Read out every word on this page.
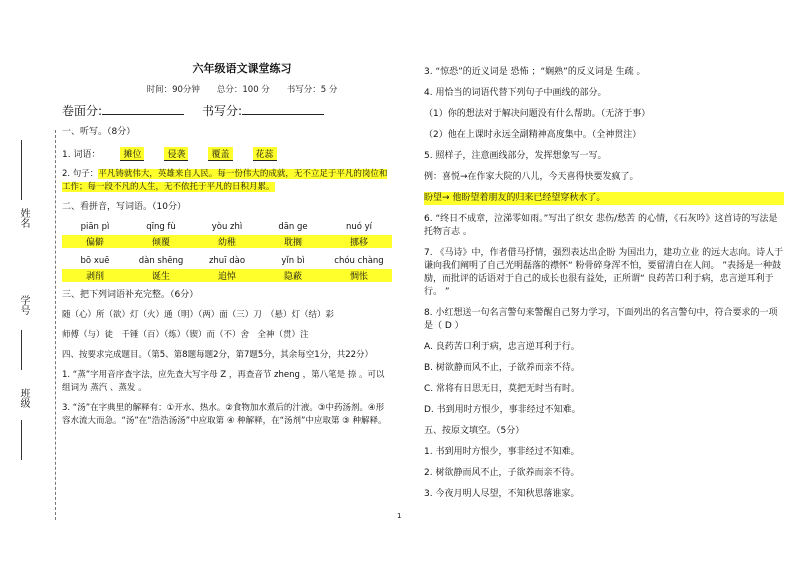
姓名
学号
班级
六年级语文课堂练习
时间：90分钟　　总分：100 分　　书写分：5 分
卷面分:	书写分:
一、听写。（8分）
1. 词语：	摊位	侵袭	覆盖	花蕊
2. 句子：平凡铸就伟大，英雄来自人民。每一份伟大的成就，无不立足于平凡的岗位和工作；每一段不凡的人生，无不依托于平凡的日积月累。
二、看拼音，写词语。（10分）
piān pì	qīng fù	yòu zhì	dān ge	nuó yí
偏僻	倾覆	幼稚	耽搁	挪移
bō xuē	dàn shēng	zhuī dào	yǐn bì	chóu chàng
剥削	诞生	追悼	隐蔽	惆怅
三、把下列词语补充完整。（6分）
随（心）所（欲）灯（火）通（明）（两）面（三）刀　（悬）灯（结）彩
师傅（与）徒　千锤（百）（炼）（锲）而（不）舍　全神（贯）注
四、按要求完成题目。（第5、第8题每题2分，第7题5分，其余每空1分，共22分）
1. “蒸”字用音序查字法，应先查大写字母 Z ，再查音节 zheng ，第八笔是 捺 。可以组词为 蒸汽 、蒸发 。
3. “汤”在字典里的解释有：①开水、热水。②食物加水煮后的汁液。③中药汤剂。④形容水流大而急。“汤”在“浩浩汤汤”中应取第 ④ 种解释，在“汤剂”中应取第 ③ 种解释。
3. “惊恐”的近义词是 恐怖 ；“娴熟”的反义词是 生疏 。
4. 用恰当的词语代替下列句子中画线的部分。
（1）你的想法对于解决问题没有什么帮助。（无济于事）
（2）他在上课时永远全副精神高度集中。（全神贯注）
5. 照样子，注意画线部分，发挥想象写一写。
例：喜悦→在作家大院的八儿，今天喜得快要发疯了。
盼望→ 他盼望着朋友的归来已经望穿秋水了。
6. “终日不成章，泣涕零如雨。”写出了织女 悲伤/愁苦 的心情，《石灰吟》这首诗的写法是 托物言志 。
7. 《马诗》中，作者借马抒情，强烈表达出企盼 为国出力，建功立业 的远大志向。诗人于谦向我们阐明了自己光明磊落的襟怀“ 粉骨碎身浑不怕，要留清白在人间。 ”表扬是一种鼓励，而批评的话语对于自己的成长也很有益处，正所谓“ 良药苦口利于病，忠言逆耳利于行。 ”
8. 小红想送一句名言警句来警醒自己努力学习，下面列出的名言警句中，符合要求的一项是（ D ）
A. 良药苦口利于病，忠言逆耳利于行。
B. 树欲静而风不止，子欲养而亲不待。
C. 常将有日思无日，莫把无时当有时。
D. 书到用时方恨少，事非经过不知难。
五、按原文填空。（5分）
1. 书到用时方恨少，事非经过不知难。
2. 树欲静而风不止，子欲养而亲不待。
3. 今夜月明人尽望，不知秋思落谁家。
1
